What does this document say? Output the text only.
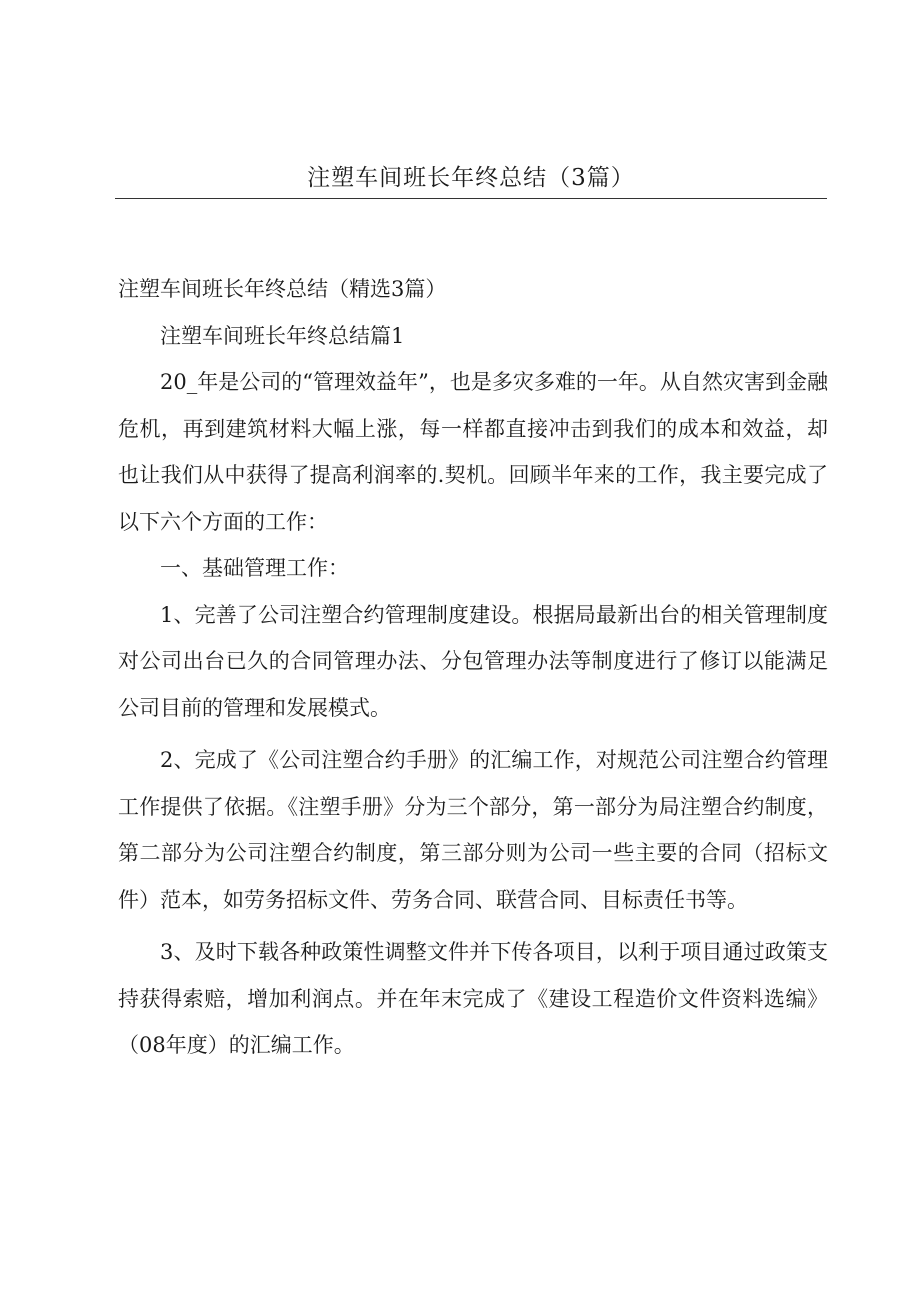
注塑车间班长年终总结（3篇）

注塑车间班长年终总结（精选3篇）

注塑车间班长年终总结篇1

20_年是公司的“管理效益年”，也是多灾多难的一年。从自然灾害到金融危机，再到建筑材料大幅上涨，每一样都直接冲击到我们的成本和效益，却也让我们从中获得了提高利润率的.契机。回顾半年来的工作，我主要完成了以下六个方面的工作：

一、基础管理工作：

1、完善了公司注塑合约管理制度建设。根据局最新出台的相关管理制度对公司出台已久的合同管理办法、分包管理办法等制度进行了修订以能满足公司目前的管理和发展模式。

2、完成了《公司注塑合约手册》的汇编工作，对规范公司注塑合约管理工作提供了依据。《注塑手册》分为三个部分，第一部分为局注塑合约制度，第二部分为公司注塑合约制度，第三部分则为公司一些主要的合同（招标文件）范本，如劳务招标文件、劳务合同、联营合同、目标责任书等。

3、及时下载各种政策性调整文件并下传各项目，以利于项目通过政策支持获得索赔，增加利润点。并在年末完成了《建设工程造价文件资料选编》（08年度）的汇编工作。
